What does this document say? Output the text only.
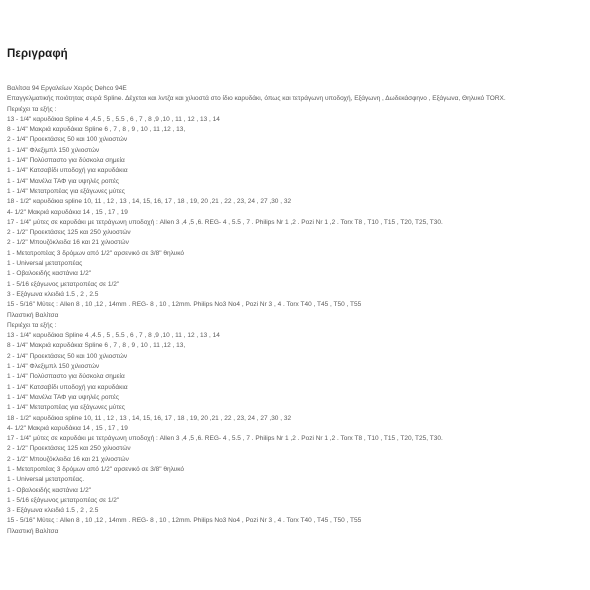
Περιγραφή
Βαλίτσα 94 Εργαλείων Χειρός Dehco 94E
Επαγγελματικής ποιότητας σειρά Spline. Δέχεται και λντζα και χιλιοστά στο ίδιο καρυδάκι, όπως και τετράγωνη υποδοχή, Εξάγωνη , Δωδεκάσφηνο , Εξάγωνα, Θηλυκό TORX.
Περιέχει τα εξής :
13 - 1/4" καρυδάκια Spline 4 ,4.5 , 5 , 5.5 , 6 , 7 , 8 ,9 ,10 , 11 , 12 , 13 , 14
8 - 1/4" Μακριά καρυδάκια Spline 6 , 7 , 8 , 9 , 10 , 11 ,12 , 13,
2 - 1/4" Προεκτάσεις 50 και 100 χιλιοστών
1 - 1/4" Φλεξιμπλ 150 χιλιοστών
1 - 1/4" Πολύσπαστο για δύσκολα σημεία
1 - 1/4" Κατσαβίδι υποδοχή για καρυδάκια
1 - 1/4" Μανέλα ΤΑΦ για υψηλές ροπές
1 - 1/4" Μετατροπέας για εξάγωνες μύτες
18 - 1/2" καρυδάκια spline 10, 11 , 12 , 13 , 14, 15, 16, 17 , 18 , 19, 20 ,21 , 22 , 23, 24 , 27 ,30 , 32
4- 1/2" Μακριά καρυδάκια 14 , 15 , 17 , 19
17 - 1/4" μύτες σε καρυδάκι με τετράγωνη υποδοχή : Allen 3 ,4 ,5 ,6. REG- 4 , 5.5 , 7 . Philips Nr 1 ,2 . Pozi Nr 1 ,2 . Torx T8 , T10 , T15 , T20, T25, T30.
2 - 1/2" Προεκτάσεις 125 και 250 χιλιοστών
2 - 1/2" Μπουζόκλειδα 16 και 21 χιλιοστών
1 - Μετατροπέας 3 δρόμων από 1/2" αρσενικό σε 3/8" θηλυκό
1 - Universal μετατροπέας
1 - Οβαλοειδής καστάνια 1/2"
1 - 5/16 εξάγωνος μετατροπέας σε 1/2"
3 - Εξάγωνα κλειδιά 1.5 , 2 , 2.5
15 - 5/16" Μύτες : Allen 8 , 10 ,12 , 14mm . REG- 8 , 10 , 12mm. Philips No3 No4 , Pozi Nr 3 , 4 . Torx T40 , T45 , T50 , T55
Πλαστική Βαλίτσα
Περιέχει τα εξής :
13 - 1/4" καρυδάκια Spline 4 ,4.5 , 5 , 5.5 , 6 , 7 , 8 ,9 ,10 , 11 , 12 , 13 , 14
8 - 1/4" Μακριά καρυδάκια Spline 6 , 7 , 8 , 9 , 10 , 11 ,12 , 13,
2 - 1/4" Προεκτάσεις 50 και 100 χιλιοστών
1 - 1/4" Φλεξιμπλ 150 χιλιοστών
1 - 1/4" Πολύσπαστο για δύσκολα σημεία
1 - 1/4" Κατσαβίδι υποδοχή για καρυδάκια
1 - 1/4" Μανέλα ΤΑΦ για υψηλές ροπές
1 - 1/4" Μετατροπέας για εξάγωνες μύτες
18 - 1/2" καρυδάκια spline 10, 11 , 12 , 13 , 14, 15, 16, 17 , 18 , 19, 20 ,21 , 22 , 23, 24 , 27 ,30 , 32
4- 1/2" Μακριά καρυδάκια 14 , 15 , 17 , 19
17 - 1/4" μύτες σε καρυδάκι με τετράγωνη υποδοχή : Allen 3 ,4 ,5 ,6. REG- 4 , 5.5 , 7 . Philips Nr 1 ,2 . Pozi Nr 1 ,2 . Torx T8 , T10 , T15 , T20, T25, T30.
2 - 1/2" Προεκτάσεις 125 και 250 χιλιοστών
2 - 1/2" Μπουζόκλειδα 16 και 21 χιλιοστών
1 - Μετατροπέας 3 δρόμων από 1/2" αρσενικό σε 3/8" θηλυκό
1 - Universal μετατροπέας.
1 - Οβαλοειδής καστάνια 1/2"
1 - 5/16 εξάγωνος μετατροπέας σε 1/2"
3 - Εξάγωνα κλειδιά 1.5 , 2 , 2.5
15 - 5/16" Μύτες : Allen 8 , 10 ,12 , 14mm . REG- 8 , 10 , 12mm. Philips No3 No4 , Pozi Nr 3 , 4 . Torx T40 , T45 , T50 , T55
Πλαστική Βαλίτσα
